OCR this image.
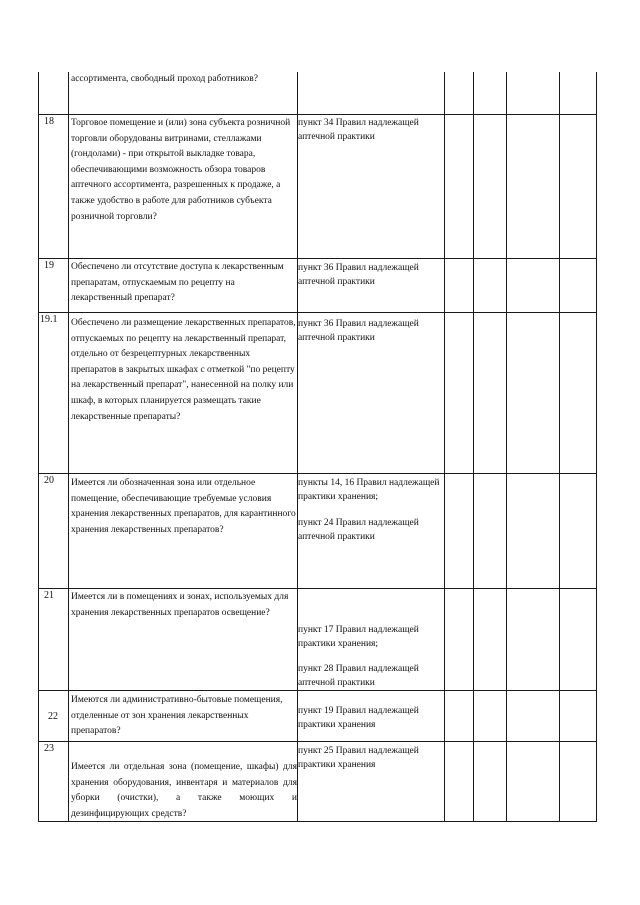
ассортимента, свободный проход работников?
18 Торговое помещение и (или) зона субъекта розничной торговли оборудованы витринами, стеллажами (гондолами) - при открытой выкладке товара, обеспечивающими возможность обзора товаров аптечного ассортимента, разрешенных к продаже, а также удобство в работе для работников субъекта розничной торговли?
пункт 34 Правил надлежащей аптечной практики
19 Обеспечено ли отсутствие доступа к лекарственным препаратам, отпускаемым по рецепту на лекарственный препарат?
пункт 36 Правил надлежащей аптечной практики
19.1 Обеспечено ли размещение лекарственных препаратов, отпускаемых по рецепту на лекарственный препарат, отдельно от безрецептурных лекарственных препаратов в закрытых шкафах с отметкой "по рецепту на лекарственный препарат", нанесенной на полку или шкаф, в которых планируется размещать такие лекарственные препараты?
пункт 36 Правил надлежащей аптечной практики
20 Имеется ли обозначенная зона или отдельное помещение, обеспечивающие требуемые условия хранения лекарственных препаратов, для карантинного хранения лекарственных препаратов?
пункты 14, 16 Правил надлежащей практики хранения;
пункт 24 Правил надлежащей аптечной практики
21 Имеется ли в помещениях и зонах, используемых для хранения лекарственных препаратов освещение?
пункт 17 Правил надлежащей практики хранения;
пункт 28 Правил надлежащей аптечной практики
22
Имеются ли административно-бытовые помещения, отделенные от зон хранения лекарственных препаратов?
пункт 19 Правил надлежащей практики хранения
23
Имеется ли отдельная зона (помещение, шкафы) для хранения оборудования, инвентаря и материалов для уборки (очистки), а также моющих и дезинфицирующих средств?
пункт 25 Правил надлежащей практики хранения
